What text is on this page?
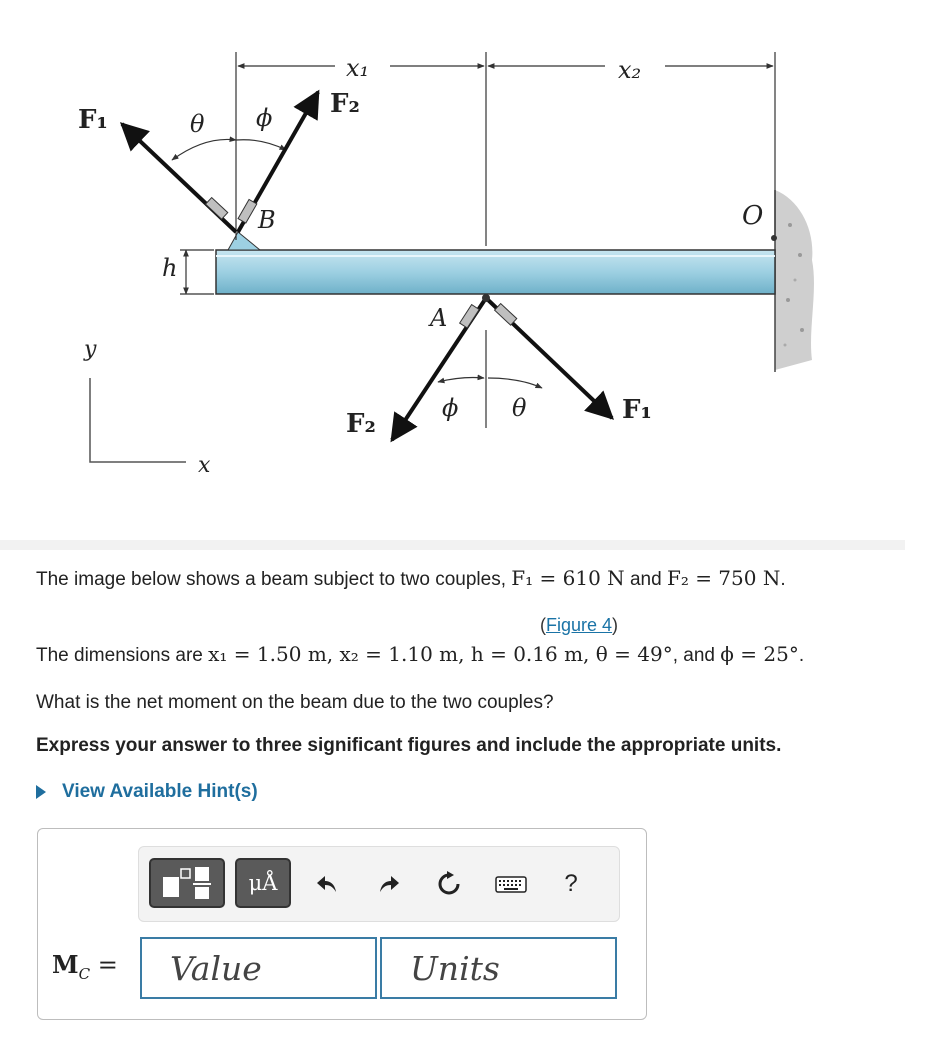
x₁	x₂
F₁
F₂
θ ϕ
B	O
h
A
y
x
F₂
ϕ θ	F₁
The image below shows a beam subject to two couples, F₁ = 610 N and F₂ = 750 N.
(Figure 4)
The dimensions are x₁ = 1.50 m, x₂ = 1.10 m, h = 0.16 m, θ = 49°, and ϕ = 25°.
What is the net moment on the beam due to the two couples?
Express your answer to three significant figures and include the appropriate units.
View Available Hint(s)
μÅ	?
$M_C$ =
Value
Units
